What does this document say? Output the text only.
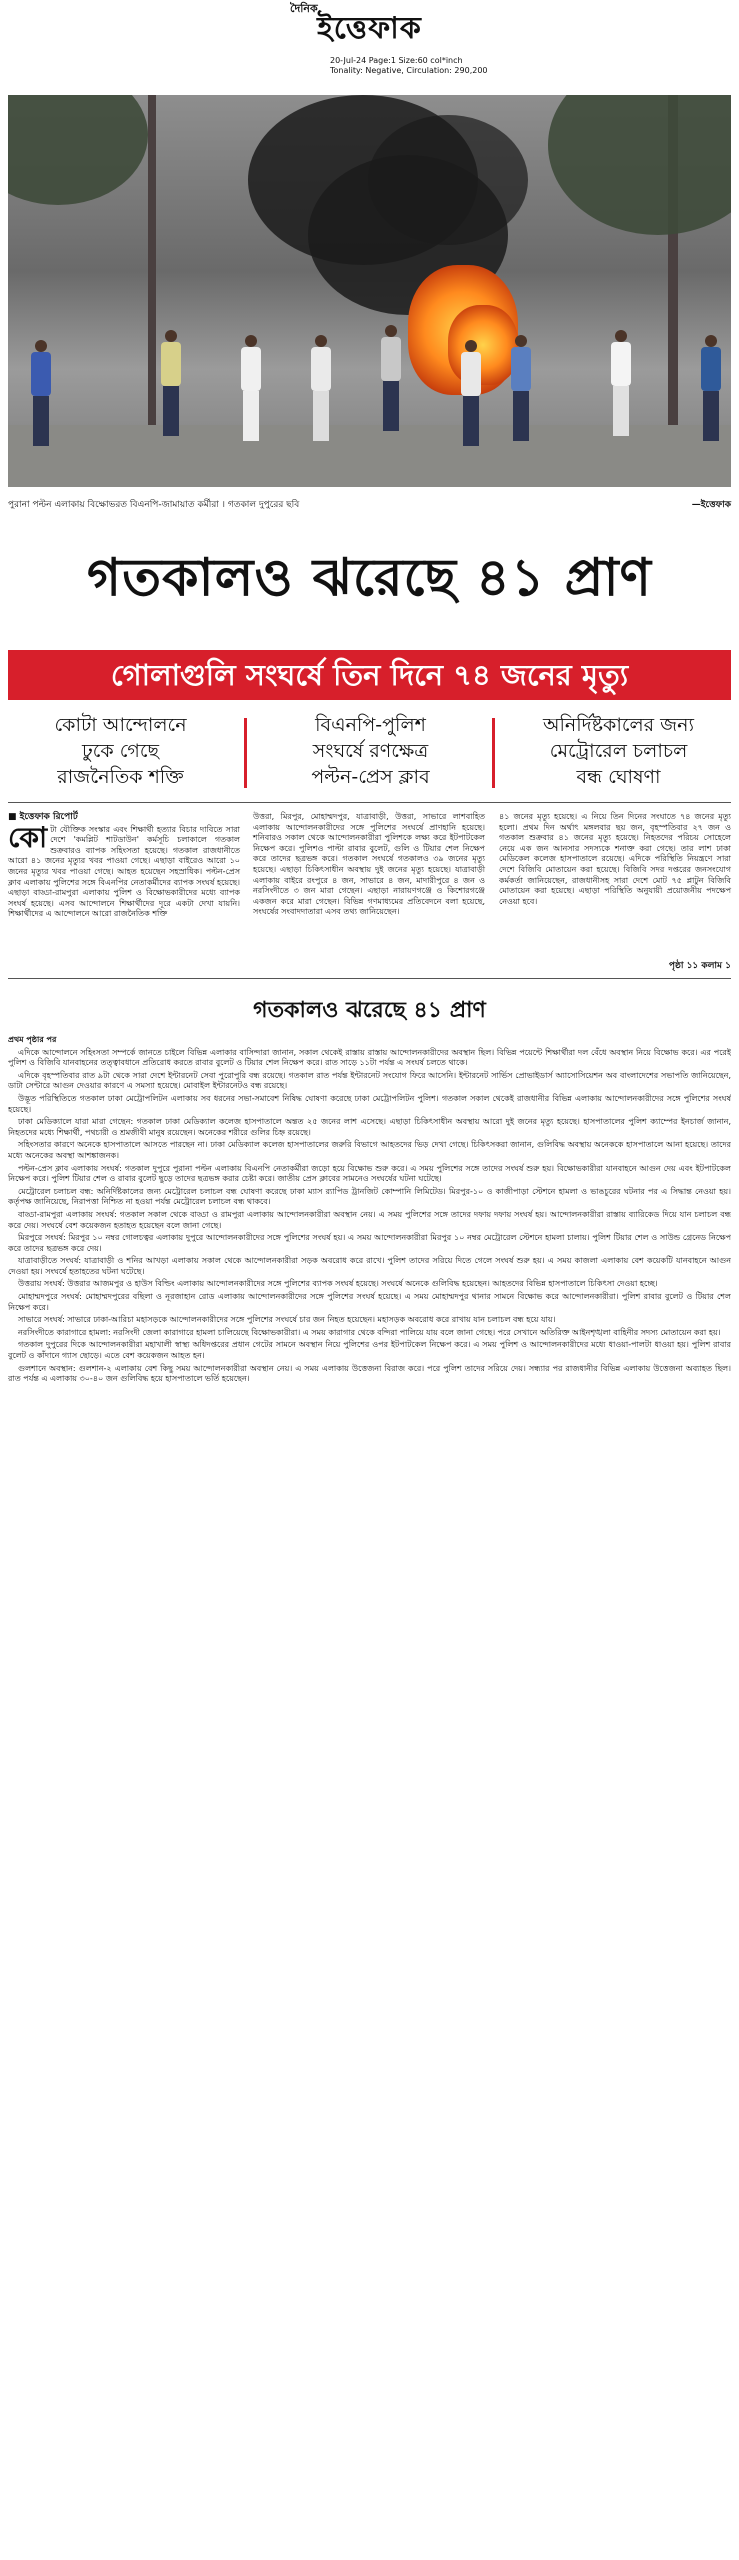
দৈনিক
ইত্তেফাক
20-Jul-24 Page:1 Size:60 col*inch
Tonality: Negative, Circulation: 290,200
পুরানা পল্টন এলাকায় বিক্ষোভরত বিএনপি-জামায়াত কর্মীরা । গতকাল দুপুরের ছবি	—ইত্তেফাক
গতকালও ঝরেছে ৪১ প্রাণ
গোলাগুলি সংঘর্ষে তিন দিনে ৭৪ জনের মৃত্যু
কোটা আন্দোলনে
ঢুকে গেছে
রাজনৈতিক শক্তি
বিএনপি-পুলিশ
সংঘর্ষে রণক্ষেত্র
পল্টন-প্রেস ক্লাব
অনির্দিষ্টকালের জন্য
মেট্রোরেল চলাচল
বন্ধ ঘোষণা
■ ইত্তেফাক রিপোর্ট
কো টা যৌক্তিক সংস্কার এবং শিক্ষার্থী হত্যার বিচার দাবিতে সারা দেশে 'কমপ্লিট শাটডাউন' কর্মসূচি চলাকালে গতকাল শুক্রবারও ব্যাপক সহিংসতা হয়েছে। গতকাল রাজধানীতে আরো ৪১ জনের মৃত্যুর খবর পাওয়া গেছে। এছাড়া বাইরেও আরো ১০ জনের মৃত্যুর খবর পাওয়া গেছে। আহত হয়েছেন সহস্রাধিক। পল্টন-প্রেস ক্লাব এলাকায় পুলিশের সঙ্গে বিএনপির নেতাকর্মীদের ব্যাপক সংঘর্ষ হয়েছে। এছাড়া বাড্ডা-রামপুরা এলাকায় পুলিশ ও বিক্ষোভকারীদের মধ্যে ব্যাপক সংঘর্ষ হয়েছে। এসব আন্দোলনে শিক্ষার্থীদের দূরে একটা দেখা যায়নি। শিক্ষার্থীদের এ আন্দোলনে আরো রাজনৈতিক শক্তি
উত্তরা, মিরপুর, মোহাম্মদপুর, যাত্রাবাড়ী, উত্তরা, সাভারে লাশবাহিত এলাকায় আন্দোলনকারীদের সঙ্গে পুলিশের সংঘর্ষে প্রাণহানি হয়েছে। শনিবারও সকাল থেকে আন্দোলনকারীরা পুলিশকে লক্ষ্য করে ইটপাটকেল নিক্ষেপ করে। পুলিশও পাল্টা রাবার বুলেট, গুলি ও টিয়ার শেল নিক্ষেপ করে তাদের ছত্রভঙ্গ করে। গতকাল সংঘর্ষে গতকালও ৩৯ জনের মৃত্যু হয়েছে। এছাড়া চিকিৎসাধীন অবস্থায় দুই জনের মৃত্যু হয়েছে। যাত্রাবাড়ী এলাকায় বাইরে রংপুরে ৪ জন, সাভারে ৪ জন, মাদারীপুরে ৪ জন ও নরসিংদীতে ৩ জন মারা গেছেন। এছাড়া নারায়ণগঞ্জে ও কিশোরগঞ্জে একজন করে মারা গেছেন। বিভিন্ন গণমাধ্যমের প্রতিবেদনে বলা হয়েছে, সংঘর্ষের সংবাদদাতারা এসব তথ্য জানিয়েছেন।
৪১ জনের মৃত্যু হয়েছে। এ নিয়ে তিন দিনের সংঘাতে ৭৪ জনের মৃত্যু হলো। প্রথম দিন অর্থাৎ মঙ্গলবার ছয় জন, বৃহস্পতিবার ২৭ জন ও গতকাল শুক্রবার ৪১ জনের মৃত্যু হয়েছে। নিহতদের পরিচয় সোহেলে নেয়ে এক জন আনসার সদস্যকে শনাক্ত করা গেছে। তার লাশ ঢাকা মেডিকেল কলেজ হাসপাতালে রয়েছে। এদিকে পরিস্থিতি নিয়ন্ত্রণে সারা দেশে বিজিবি মোতায়েন করা হয়েছে। বিজিবি সদর দপ্তরের জনসংযোগ কর্মকর্তা জানিয়েছেন, রাজধানীসহ সারা দেশে মোট ৭৫ প্লাটুন বিজিবি মোতায়েন করা হয়েছে। এছাড়া পরিস্থিতি অনুযায়ী প্রয়োজনীয় পদক্ষেপ নেওয়া হবে।
পৃষ্ঠা ১১ কলাম ১
গতকালও ঝরেছে ৪১ প্রাণ

প্রথম পৃষ্ঠার পর

এদিকে আন্দোলনে সহিংসতা সম্পর্কে জানতে চাইলে বিভিন্ন এলাকার বাসিন্দারা জানান, সকাল থেকেই রাস্তায় রাস্তায় আন্দোলনকারীদের অবস্থান ছিল। বিভিন্ন পয়েন্টে শিক্ষার্থীরা দল বেঁধে অবস্থান নিয়ে বিক্ষোভ করে। এর পরেই পুলিশ ও বিজিবি যানবাহনের তত্ত্বাবধানে প্রতিরোধ করতে রাবার বুলেট ও টিয়ার শেল নিক্ষেপ করে। রাত সাড়ে ১১টা পর্যন্ত এ সংঘর্ষ চলতে থাকে।

এদিকে বৃহস্পতিবার রাত ৯টা থেকে সারা দেশে ইন্টারনেট সেবা পুরোপুরি বন্ধ রয়েছে। গতকাল রাত পর্যন্ত ইন্টারনেট সংযোগ ফিরে আসেনি। ইন্টারনেট সার্ভিস প্রোভাইডার্স অ্যাসোসিয়েশন অব বাংলাদেশের সভাপতি জানিয়েছেন, ডাটা সেন্টারে আগুন দেওয়ার কারণে এ সমস্যা হয়েছে। মোবাইল ইন্টারনেটও বন্ধ রয়েছে।

উদ্ভূত পরিস্থিতিতে গতকাল ঢাকা মেট্রোপলিটন এলাকায় সব ধরনের সভা-সমাবেশ নিষিদ্ধ ঘোষণা করেছে ঢাকা মেট্রোপলিটন পুলিশ। গতকাল সকাল থেকেই রাজধানীর বিভিন্ন এলাকায় আন্দোলনকারীদের সঙ্গে পুলিশের সংঘর্ষ হয়েছে।

ঢাকা মেডিক্যালে যারা মারা গেছেন: গতকাল ঢাকা মেডিক্যাল কলেজ হাসপাতালে অন্তত ২৫ জনের লাশ এসেছে। এছাড়া চিকিৎসাধীন অবস্থায় আরো দুই জনের মৃত্যু হয়েছে। হাসপাতালের পুলিশ ক্যাম্পের ইনচার্জ জানান, নিহতদের মধ্যে শিক্ষার্থী, পথচারী ও শ্রমজীবী মানুষ রয়েছেন। অনেকের শরীরে গুলির চিহ্ন রয়েছে।

সহিংসতার কারণে অনেকে হাসপাতালে আসতে পারছেন না। ঢাকা মেডিক্যাল কলেজ হাসপাতালের জরুরি বিভাগে আহতদের ভিড় দেখা গেছে। চিকিৎসকরা জানান, গুলিবিদ্ধ অবস্থায় অনেককে হাসপাতালে আনা হয়েছে। তাদের মধ্যে অনেকের অবস্থা আশঙ্কাজনক।

পল্টন-প্রেস ক্লাব এলাকায় সংঘর্ষ: গতকাল দুপুরে পুরানা পল্টন এলাকায় বিএনপি নেতাকর্মীরা জড়ো হয়ে বিক্ষোভ শুরু করে। এ সময় পুলিশের সঙ্গে তাদের সংঘর্ষ শুরু হয়। বিক্ষোভকারীরা যানবাহনে আগুন দেয় এবং ইটপাটকেল নিক্ষেপ করে। পুলিশ টিয়ার শেল ও রাবার বুলেট ছুড়ে তাদের ছত্রভঙ্গ করার চেষ্টা করে। জাতীয় প্রেস ক্লাবের সামনেও সংঘর্ষের ঘটনা ঘটেছে।

মেট্রোরেল চলাচল বন্ধ: অনির্দিষ্টকালের জন্য মেট্রোরেল চলাচল বন্ধ ঘোষণা করেছে ঢাকা ম্যাস র‍্যাপিড ট্রানজিট কোম্পানি লিমিটেড। মিরপুর-১০ ও কাজীপাড়া স্টেশনে হামলা ও ভাঙচুরের ঘটনার পর এ সিদ্ধান্ত নেওয়া হয়। কর্তৃপক্ষ জানিয়েছে, নিরাপত্তা নিশ্চিত না হওয়া পর্যন্ত মেট্রোরেল চলাচল বন্ধ থাকবে।

বাড্ডা-রামপুরা এলাকায় সংঘর্ষ: গতকাল সকাল থেকে বাড্ডা ও রামপুরা এলাকায় আন্দোলনকারীরা অবস্থান নেয়। এ সময় পুলিশের সঙ্গে তাদের দফায় দফায় সংঘর্ষ হয়। আন্দোলনকারীরা রাস্তায় ব্যারিকেড দিয়ে যান চলাচল বন্ধ করে দেয়। সংঘর্ষে বেশ কয়েকজন হতাহত হয়েছেন বলে জানা গেছে।

মিরপুরে সংঘর্ষ: মিরপুর ১০ নম্বর গোলচত্বর এলাকায় দুপুরে আন্দোলনকারীদের সঙ্গে পুলিশের সংঘর্ষ হয়। এ সময় আন্দোলনকারীরা মিরপুর ১০ নম্বর মেট্রোরেল স্টেশনে হামলা চালায়। পুলিশ টিয়ার শেল ও সাউন্ড গ্রেনেড নিক্ষেপ করে তাদের ছত্রভঙ্গ করে দেয়।

যাত্রাবাড়ীতে সংঘর্ষ: যাত্রাবাড়ী ও শনির আখড়া এলাকায় সকাল থেকে আন্দোলনকারীরা সড়ক অবরোধ করে রাখে। পুলিশ তাদের সরিয়ে দিতে গেলে সংঘর্ষ শুরু হয়। এ সময় কাজলা এলাকায় বেশ কয়েকটি যানবাহনে আগুন দেওয়া হয়। সংঘর্ষে হতাহতের ঘটনা ঘটেছে।

উত্তরায় সংঘর্ষ: উত্তরার আজমপুর ও হাউস বিল্ডিং এলাকায় আন্দোলনকারীদের সঙ্গে পুলিশের ব্যাপক সংঘর্ষ হয়েছে। সংঘর্ষে অনেকে গুলিবিদ্ধ হয়েছেন। আহতদের বিভিন্ন হাসপাতালে চিকিৎসা দেওয়া হচ্ছে।

মোহাম্মদপুরে সংঘর্ষ: মোহাম্মদপুরের বছিলা ও নূরজাহান রোড এলাকায় আন্দোলনকারীদের সঙ্গে পুলিশের সংঘর্ষ হয়েছে। এ সময় মোহাম্মদপুর থানার সামনে বিক্ষোভ করে আন্দোলনকারীরা। পুলিশ রাবার বুলেট ও টিয়ার শেল নিক্ষেপ করে।

সাভারে সংঘর্ষ: সাভারে ঢাকা-আরিচা মহাসড়কে আন্দোলনকারীদের সঙ্গে পুলিশের সংঘর্ষে চার জন নিহত হয়েছেন। মহাসড়ক অবরোধ করে রাখায় যান চলাচল বন্ধ হয়ে যায়।

নরসিংদীতে কারাগারে হামলা: নরসিংদী জেলা কারাগারে হামলা চালিয়েছে বিক্ষোভকারীরা। এ সময় কারাগার থেকে বন্দিরা পালিয়ে যায় বলে জানা গেছে। পরে সেখানে অতিরিক্ত আইনশৃঙ্খলা বাহিনীর সদস্য মোতায়েন করা হয়।

গতকাল দুপুরের দিকে আন্দোলনকারীরা মহাখালী স্বাস্থ্য অধিদপ্তরের প্রধান গেটের সামনে অবস্থান নিয়ে পুলিশের ওপর ইটপাটকেল নিক্ষেপ করে। এ সময় পুলিশ ও আন্দোলনকারীদের মধ্যে ধাওয়া-পালটা ধাওয়া হয়। পুলিশ রাবার বুলেট ও কাঁদানে গ্যাস ছোড়ে। এতে বেশ কয়েকজন আহত হন।

গুলশানে অবস্থান: গুলশান-২ এলাকায় বেশ কিছু সময় আন্দোলনকারীরা অবস্থান নেয়। এ সময় এলাকায় উত্তেজনা বিরাজ করে। পরে পুলিশ তাদের সরিয়ে দেয়। সন্ধ্যার পর রাজধানীর বিভিন্ন এলাকায় উত্তেজনা অব্যাহত ছিল। রাত পর্যন্ত এ এলাকায় ৩০-৪০ জন গুলিবিদ্ধ হয়ে হাসপাতালে ভর্তি হয়েছেন।
